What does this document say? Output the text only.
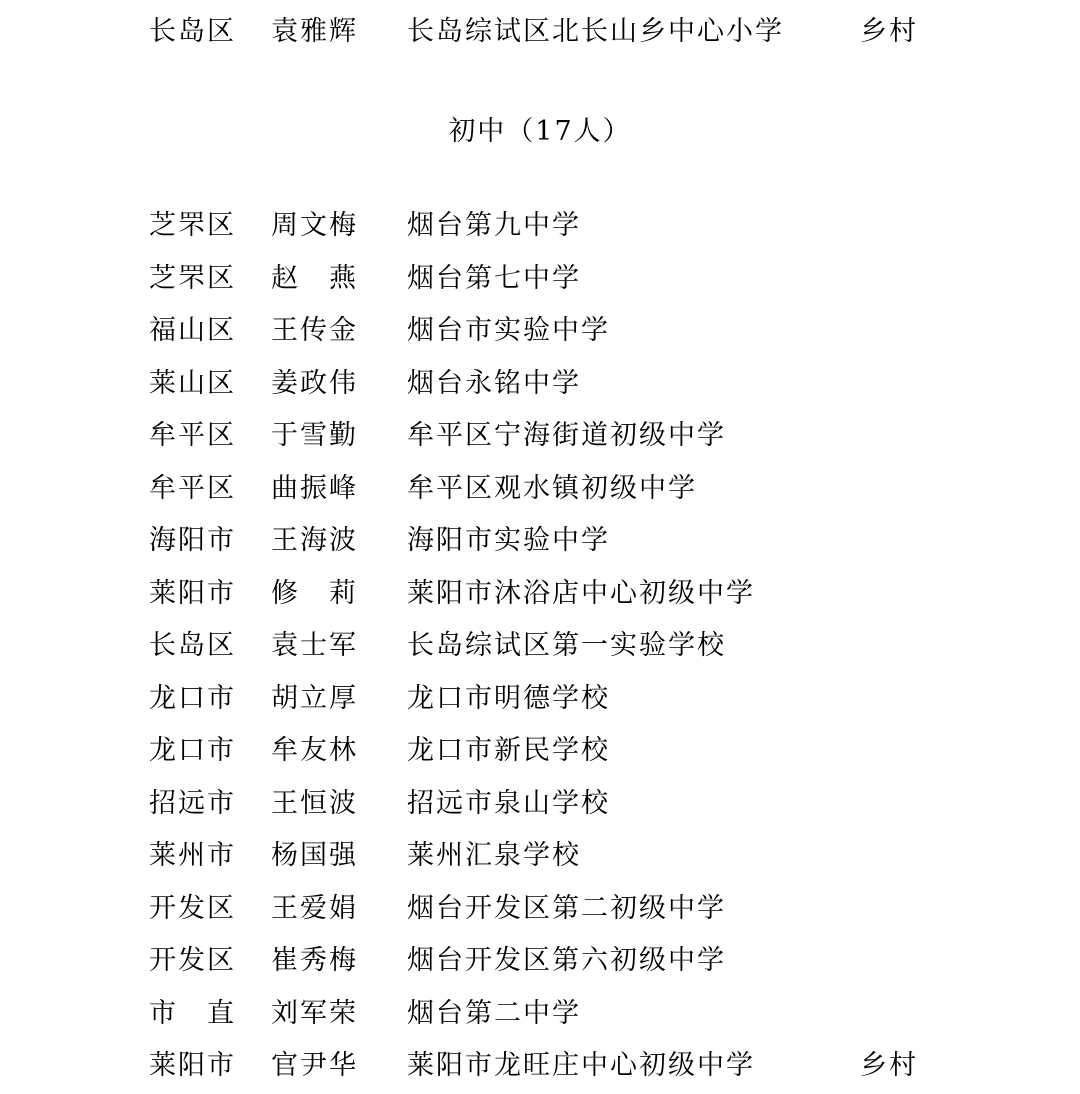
长岛区	袁雅辉	长岛综试区北长山乡中心小学	乡村
初中（17人）
芝罘区	周文梅	烟台第九中学
芝罘区	赵　燕	烟台第七中学
福山区	王传金	烟台市实验中学
莱山区	姜政伟	烟台永铭中学
牟平区	于雪勤	牟平区宁海街道初级中学
牟平区	曲振峰	牟平区观水镇初级中学
海阳市	王海波	海阳市实验中学
莱阳市	修　莉	莱阳市沐浴店中心初级中学
长岛区	袁士军	长岛综试区第一实验学校
龙口市	胡立厚	龙口市明德学校
龙口市	牟友林	龙口市新民学校
招远市	王恒波	招远市泉山学校
莱州市	杨国强	莱州汇泉学校
开发区	王爱娟	烟台开发区第二初级中学
开发区	崔秀梅	烟台开发区第六初级中学
市　直	刘军荣	烟台第二中学
莱阳市	官尹华	莱阳市龙旺庄中心初级中学	乡村
